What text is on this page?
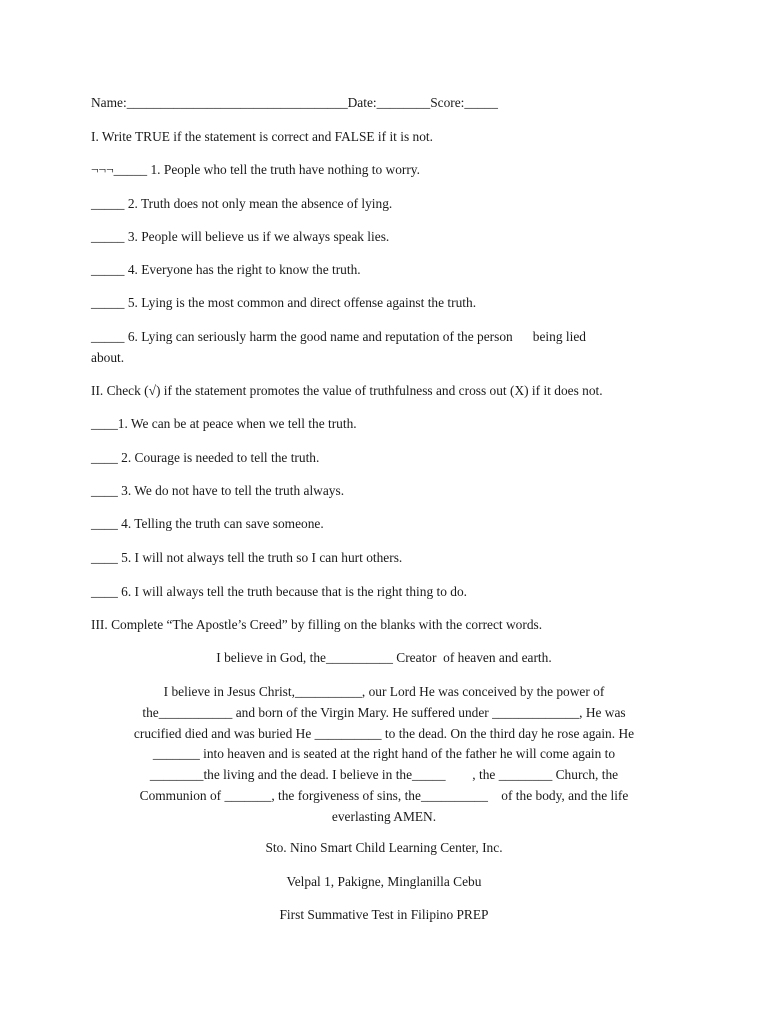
Name:_________________________________Date:________Score:_____
I. Write TRUE if the statement is correct and FALSE if it is not.
¬¬¬_____ 1. People who tell the truth have nothing to worry.
_____ 2. Truth does not only mean the absence of lying.
_____ 3. People will believe us if we always speak lies.
_____ 4. Everyone has the right to know the truth.
_____ 5. Lying is the most common and direct offense against the truth.
_____ 6. Lying can seriously harm the good name and reputation of the person      being lied
about.
II. Check (√) if the statement promotes the value of truthfulness and cross out (X) if it does not.
____1. We can be at peace when we tell the truth.
____ 2. Courage is needed to tell the truth.
____ 3. We do not have to tell the truth always.
____ 4. Telling the truth can save someone.
____ 5. I will not always tell the truth so I can hurt others.
____ 6. I will always tell the truth because that is the right thing to do.
III. Complete “The Apostle’s Creed” by filling on the blanks with the correct words.
I believe in God, the__________ Creator  of heaven and earth.
I believe in Jesus Christ,__________, our Lord He was conceived by the power of
the___________ and born of the Virgin Mary. He suffered under _____________, He was
crucified died and was buried He __________ to the dead. On the third day he rose again. He
_______ into heaven and is seated at the right hand of the father he will come again to
________the living and the dead. I believe in the_____        , the ________ Church, the
Communion of _______, the forgiveness of sins, the__________    of the body, and the life
everlasting AMEN.
Sto. Nino Smart Child Learning Center, Inc.
Velpal 1, Pakigne, Minglanilla Cebu
First Summative Test in Filipino PREP
